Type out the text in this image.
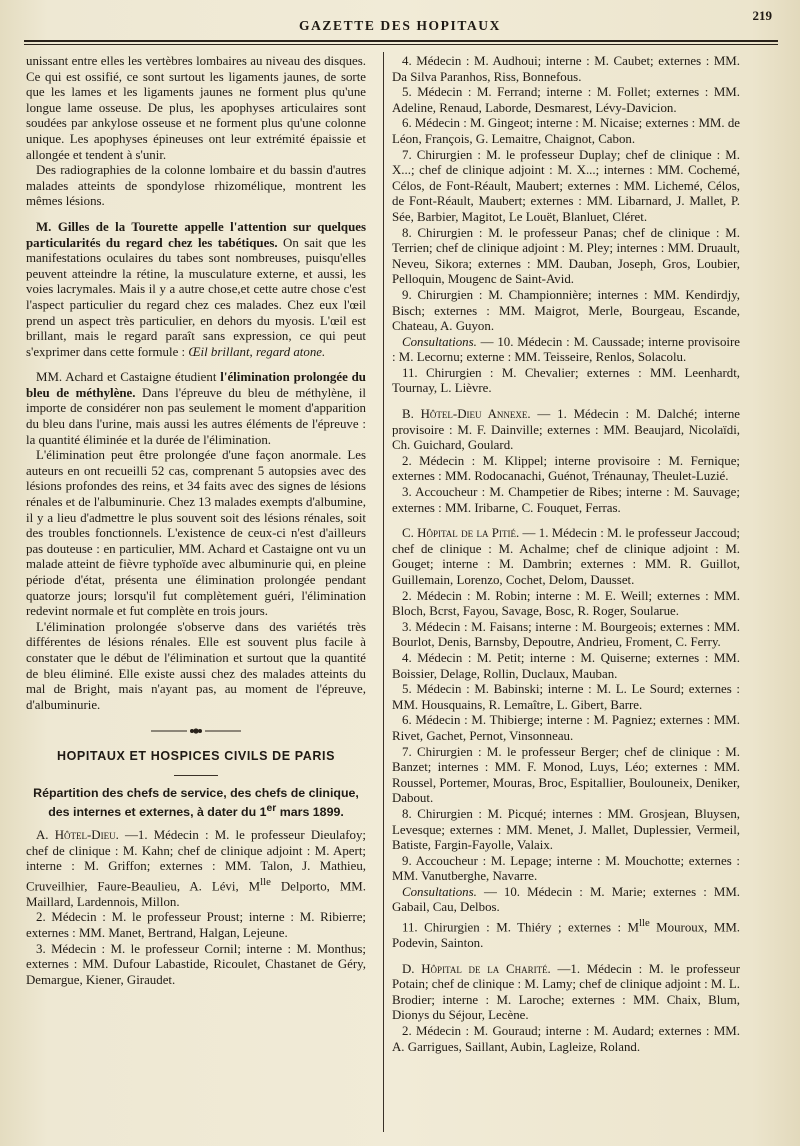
GAZETTE DES HOPITAUX
219

unissant entre elles les vertèbres lombaires au niveau des disques. Ce qui est ossifié, ce sont surtout les ligaments jaunes, de sorte que les lames et les ligaments jaunes ne forment plus qu'une longue lame osseuse. De plus, les apophyses articulaires sont soudées par ankylose osseuse et ne forment plus qu'une colonne unique. Les apophyses épineuses ont leur extrémité épaissie et allongée et tendent à s'unir.

Des radiographies de la colonne lombaire et du bassin d'autres malades atteints de spondylose rhizomélique, montrent les mêmes lésions.

M. Gilles de la Tourette appelle l'attention sur quelques particularités du regard chez les tabétiques. On sait que les manifestations oculaires du tabes sont nombreuses, puisqu'elles peuvent atteindre la rétine, la musculature externe, et aussi, les voies lacrymales. Mais il y a autre chose,et cette autre chose c'est l'aspect particulier du regard chez ces malades. Chez eux l'œil prend un aspect très particulier, en dehors du myosis. L'œil est brillant, mais le regard paraît sans expression, ce qui peut s'exprimer dans cette formule : Œil brillant, regard atone.

MM. Achard et Castaigne étudient l'élimination prolongée du bleu de méthylène. Dans l'épreuve du bleu de méthylène, il importe de considérer non pas seulement le moment d'apparition du bleu dans l'urine, mais aussi les autres éléments de l'épreuve : la quantité éliminée et la durée de l'élimination.

L'élimination peut être prolongée d'une façon anormale. Les auteurs en ont recueilli 52 cas, comprenant 5 autopsies avec des lésions profondes des reins, et 34 faits avec des signes de lésions rénales et de l'albuminurie. Chez 13 malades exempts d'albumine, il y a lieu d'admettre le plus souvent soit des lésions rénales, soit des troubles fonctionnels. L'existence de ceux-ci n'est d'ailleurs pas douteuse : en particulier, MM. Achard et Castaigne ont vu un malade atteint de fièvre typhoïde avec albuminurie qui, en pleine période d'état, présenta une élimination prolongée pendant quatorze jours; lorsqu'il fut complètement guéri, l'élimination redevint normale et fut complète en trois jours.

L'élimination prolongée s'observe dans des variétés très différentes de lésions rénales. Elle est souvent plus facile à constater que le début de l'élimination et surtout que la quantité de bleu éliminé. Elle existe aussi chez des malades atteints du mal de Bright, mais n'ayant pas, au moment de l'épreuve, d'albuminurie.

HOPITAUX ET HOSPICES CIVILS DE PARIS
Répartition des chefs de service, des chefs de clinique, des internes et externes, à dater du 1er mars 1899.

A. Hôtel-Dieu. —1. Médecin : M. le professeur Dieulafoy; chef de clinique : M. Kahn; chef de clinique adjoint : M. Apert; interne : M. Griffon; externes : MM. Talon, J. Mathieu, Cruveilhier, Faure-Beaulieu, A. Lévi, $M^{lle}$ Delporto, MM. Maillard, Lardennois, Millon.

2. Médecin : M. le professeur Proust; interne : M. Ribierre; externes : MM. Manet, Bertrand, Halgan, Lejeune.

3. Médecin : M. le professeur Cornil; interne : M. Monthus; externes : MM. Dufour Labastide, Ricoulet, Chastanet de Géry, Demargue, Kiener, Giraudet.

4. Médecin : M. Audhoui; interne : M. Caubet; externes : MM. Da Silva Paranhos, Riss, Bonnefous.

5. Médecin : M. Ferrand; interne : M. Follet; externes : MM. Adeline, Renaud, Laborde, Desmarest, Lévy-Davicion.

6. Médecin : M. Gingeot; interne : M. Nicaise; externes : MM. de Léon, François, G. Lemaitre, Chaignot, Cabon.

7. Chirurgien : M. le professeur Duplay; chef de clinique : M. X...; chef de clinique adjoint : M. X...; internes : MM. Cochemé, Célos, de Font-Réault, Maubert; externes : MM. Lichemé, Célos, de Font-Réault, Maubert; externes : MM. Libarnard, J. Mallet, P. Sée, Barbier, Magitot, Le Louët, Blanluet, Cléret.

8. Chirurgien : M. le professeur Panas; chef de clinique : M. Terrien; chef de clinique adjoint : M. Pley; internes : MM. Druault, Neveu, Sikora; externes : MM. Dauban, Joseph, Gros, Loubier, Pelloquin, Mougenc de Saint-Avid.

9. Chirurgien : M. Championnière; internes : MM. Kendirdjy, Bisch; externes : MM. Maigrot, Merle, Bourgeau, Escande, Chateau, A. Guyon.

Consultations. — 10. Médecin : M. Caussade; interne provisoire : M. Lecornu; externe : MM. Teisseire, Renlos, Solacolu.

11. Chirurgien : M. Chevalier; externes : MM. Leenhardt, Tournay, L. Lièvre.

B. Hôtel-Dieu Annexe. — 1. Médecin : M. Dalché; interne provisoire : M. F. Dainville; externes : MM. Beaujard, Nicolaïdi, Ch. Guichard, Goulard.

2. Médecin : M. Klippel; interne provisoire : M. Fernique; externes : MM. Rodocanachi, Guénot, Trénaunay, Theulet-Luzié.

3. Accoucheur : M. Champetier de Ribes; interne : M. Sauvage; externes : MM. Iribarne, C. Fouquet, Ferras.

C. Hôpital de la Pitié. — 1. Médecin : M. le professeur Jaccoud; chef de clinique : M. Achalme; chef de clinique adjoint : M. Gouget; interne : M. Dambrin; externes : MM. R. Guillot, Guillemain, Lorenzo, Cochet, Delom, Dausset.

2. Médecin : M. Robin; interne : M. E. Weill; externes : MM. Bloch, Bcrst, Fayou, Savage, Bosc, R. Roger, Soularue.

3. Médecin : M. Faisans; interne : M. Bourgeois; externes : MM. Bourlot, Denis, Barnsby, Depoutre, Andrieu, Froment, C. Ferry.

4. Médecin : M. Petit; interne : M. Quiserne; externes : MM. Boissier, Delage, Rollin, Duclaux, Mauban.

5. Médecin : M. Babinski; interne : M. L. Le Sourd; externes : MM. Housquains, R. Lemaître, L. Gibert, Barre.

6. Médecin : M. Thibierge; interne : M. Pagniez; externes : MM. Rivet, Gachet, Pernot, Vinsonneau.

7. Chirurgien : M. le professeur Berger; chef de clinique : M. Banzet; internes : MM. F. Monod, Luys, Léo; externes : MM. Roussel, Portemer, Mouras, Broc, Espitallier, Boulouneix, Deniker, Dabout.

8. Chirurgien : M. Picqué; internes : MM. Grosjean, Bluysen, Levesque; externes : MM. Menet, J. Mallet, Duplessier, Vermeil, Batiste, Fargin-Fayolle, Valaix.

9. Accoucheur : M. Lepage; interne : M. Mouchotte; externes : MM. Vanutberghe, Navarre.

Consultations. — 10. Médecin : M. Marie; externes : MM. Gabail, Cau, Delbos.

11. Chirurgien : M. Thiéry ; externes : $M^{lle}$ Mouroux, MM. Podevin, Sainton.

D. Hôpital de la Charité. —1. Médecin : M. le professeur Potain; chef de clinique : M. Lamy; chef de clinique adjoint : M. L. Brodier; interne : M. Laroche; externes : MM. Chaix, Blum, Dionys du Séjour, Lecène.

2. Médecin : M. Gouraud; interne : M. Audard; externes : MM. A. Garrigues, Saillant, Aubin, Lagleize, Roland.
